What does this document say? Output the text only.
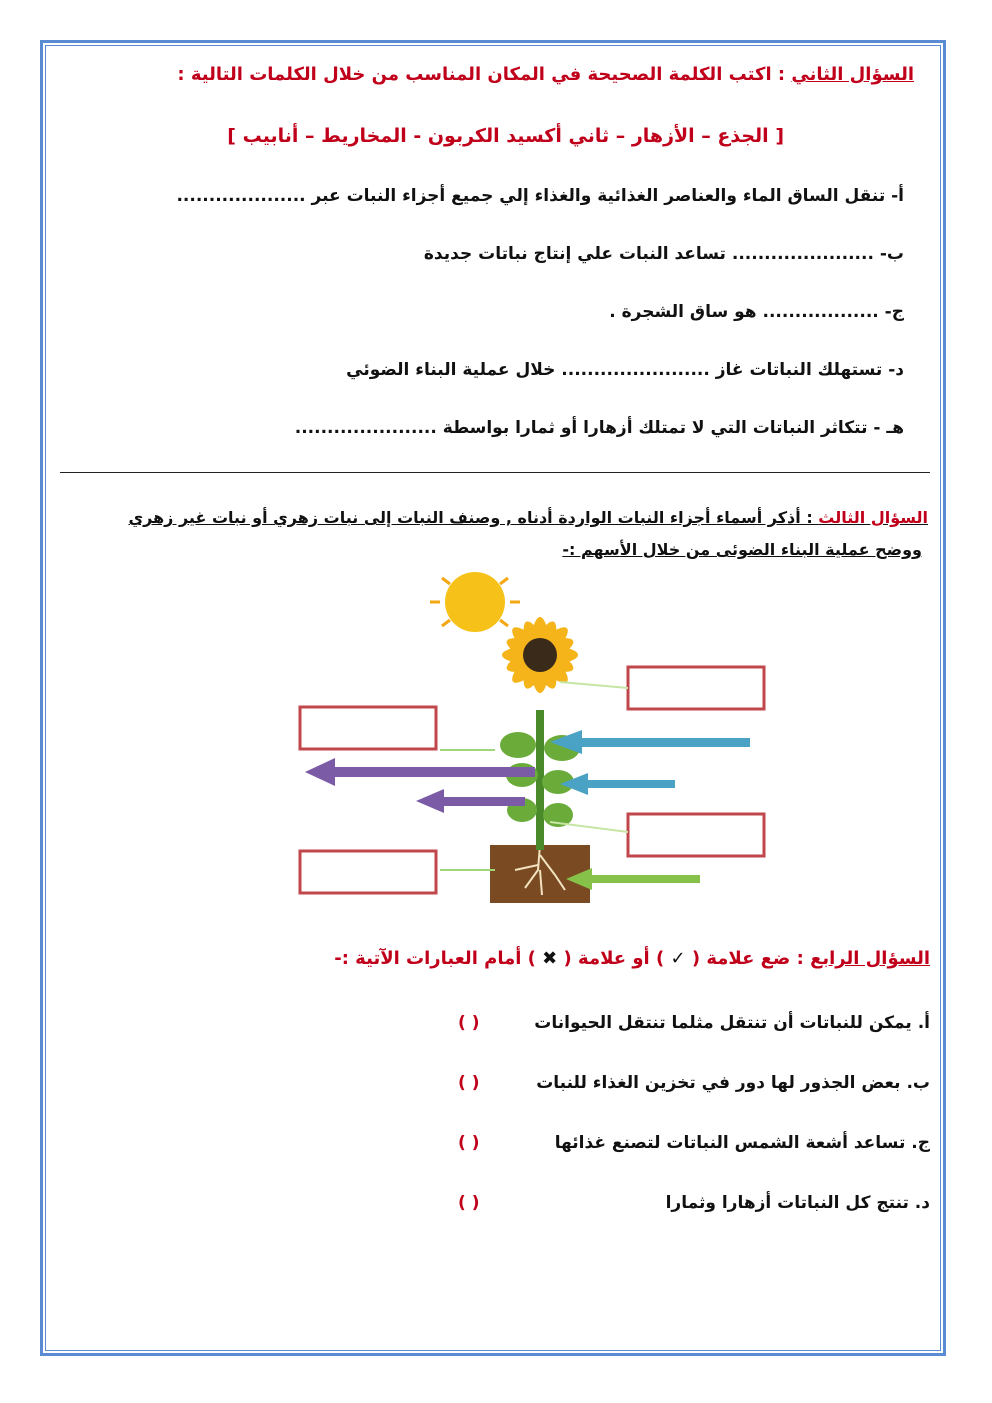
السؤال الثاني : اكتب الكلمة الصحيحة في المكان المناسب من خلال الكلمات التالية :
[ الجذع – الأزهار – ثاني أكسيد الكربون - المخاريط – أنابيب ]
أ- تنقل الساق الماء والعناصر الغذائية والغذاء إلي جميع أجزاء النبات عبر ....................
ب- ...................... تساعد النبات علي إنتاج نباتات جديدة
ج- .................. هو ساق الشجرة .
د- تستهلك النباتات غاز ....................... خلال عملية البناء الضوئي
هـ - تتكاثر النباتات التي لا تمتلك أزهارا أو ثمارا بواسطة ......................
السؤال الثالث : أذكر أسماء أجزاء النبات الواردة أدناه , وصنف النبات إلى نبات زهري أو نبات غير زهري
ووضح عملية البناء الضوئى من خلال الأسهم :-
السؤال الرابع : ضع علامة ( ✓ ) أو علامة ( ✖ ) أمام العبارات الآتية :-
أ. يمكن للنباتات أن تنتقل مثلما تنتقل الحيوانات
( )
ب. بعض الجذور لها دور في تخزين الغذاء للنبات
( )
ج. تساعد أشعة الشمس النباتات لتصنع غذائها
( )
د. تنتج كل النباتات أزهارا وثمارا
( )
